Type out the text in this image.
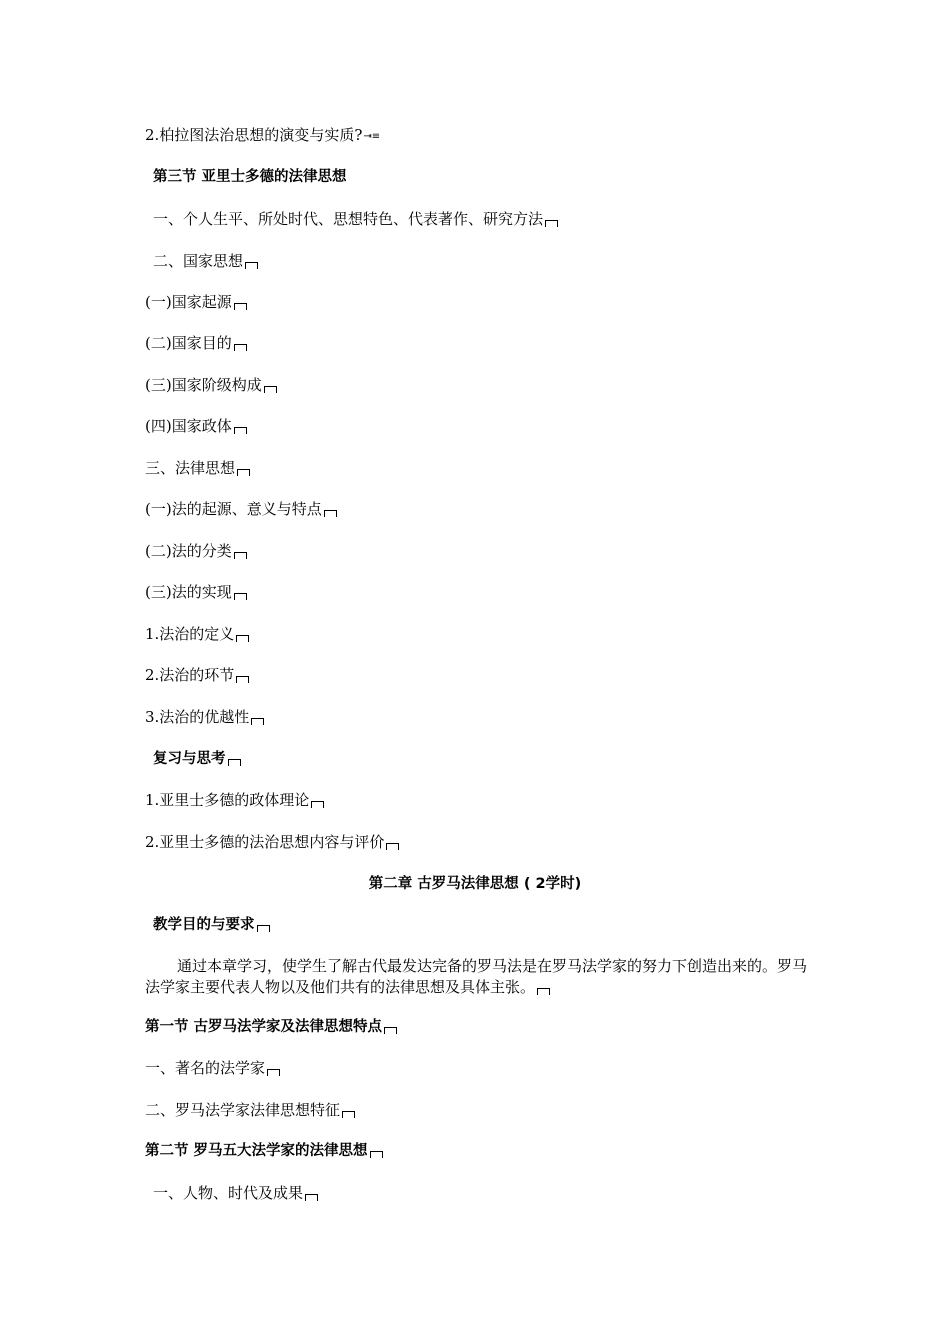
2.柏拉图法治思想的演变与实质?⇥≡
第三节 亚里士多德的法律思想
一、个人生平、所处时代、思想特色、代表著作、研究方法
二、国家思想
(一)国家起源
(二)国家目的
(三)国家阶级构成
(四)国家政体
三、法律思想
(一)法的起源、意义与特点
(二)法的分类
(三)法的实现
1.法治的定义
2.法治的环节
3.法治的优越性
复习与思考
1.亚里士多德的政体理论
2.亚里士多德的法治思想内容与评价
第二章 古罗马法律思想 ( 2学时)
教学目的与要求
通过本章学习，使学生了解古代最发达完备的罗马法是在罗马法学家的努力下创造出来的。罗马法学家主要代表人物以及他们共有的法律思想及具体主张。
第一节 古罗马法学家及法律思想特点
一、著名的法学家
二、罗马法学家法律思想特征
第二节 罗马五大法学家的法律思想
一、人物、时代及成果
